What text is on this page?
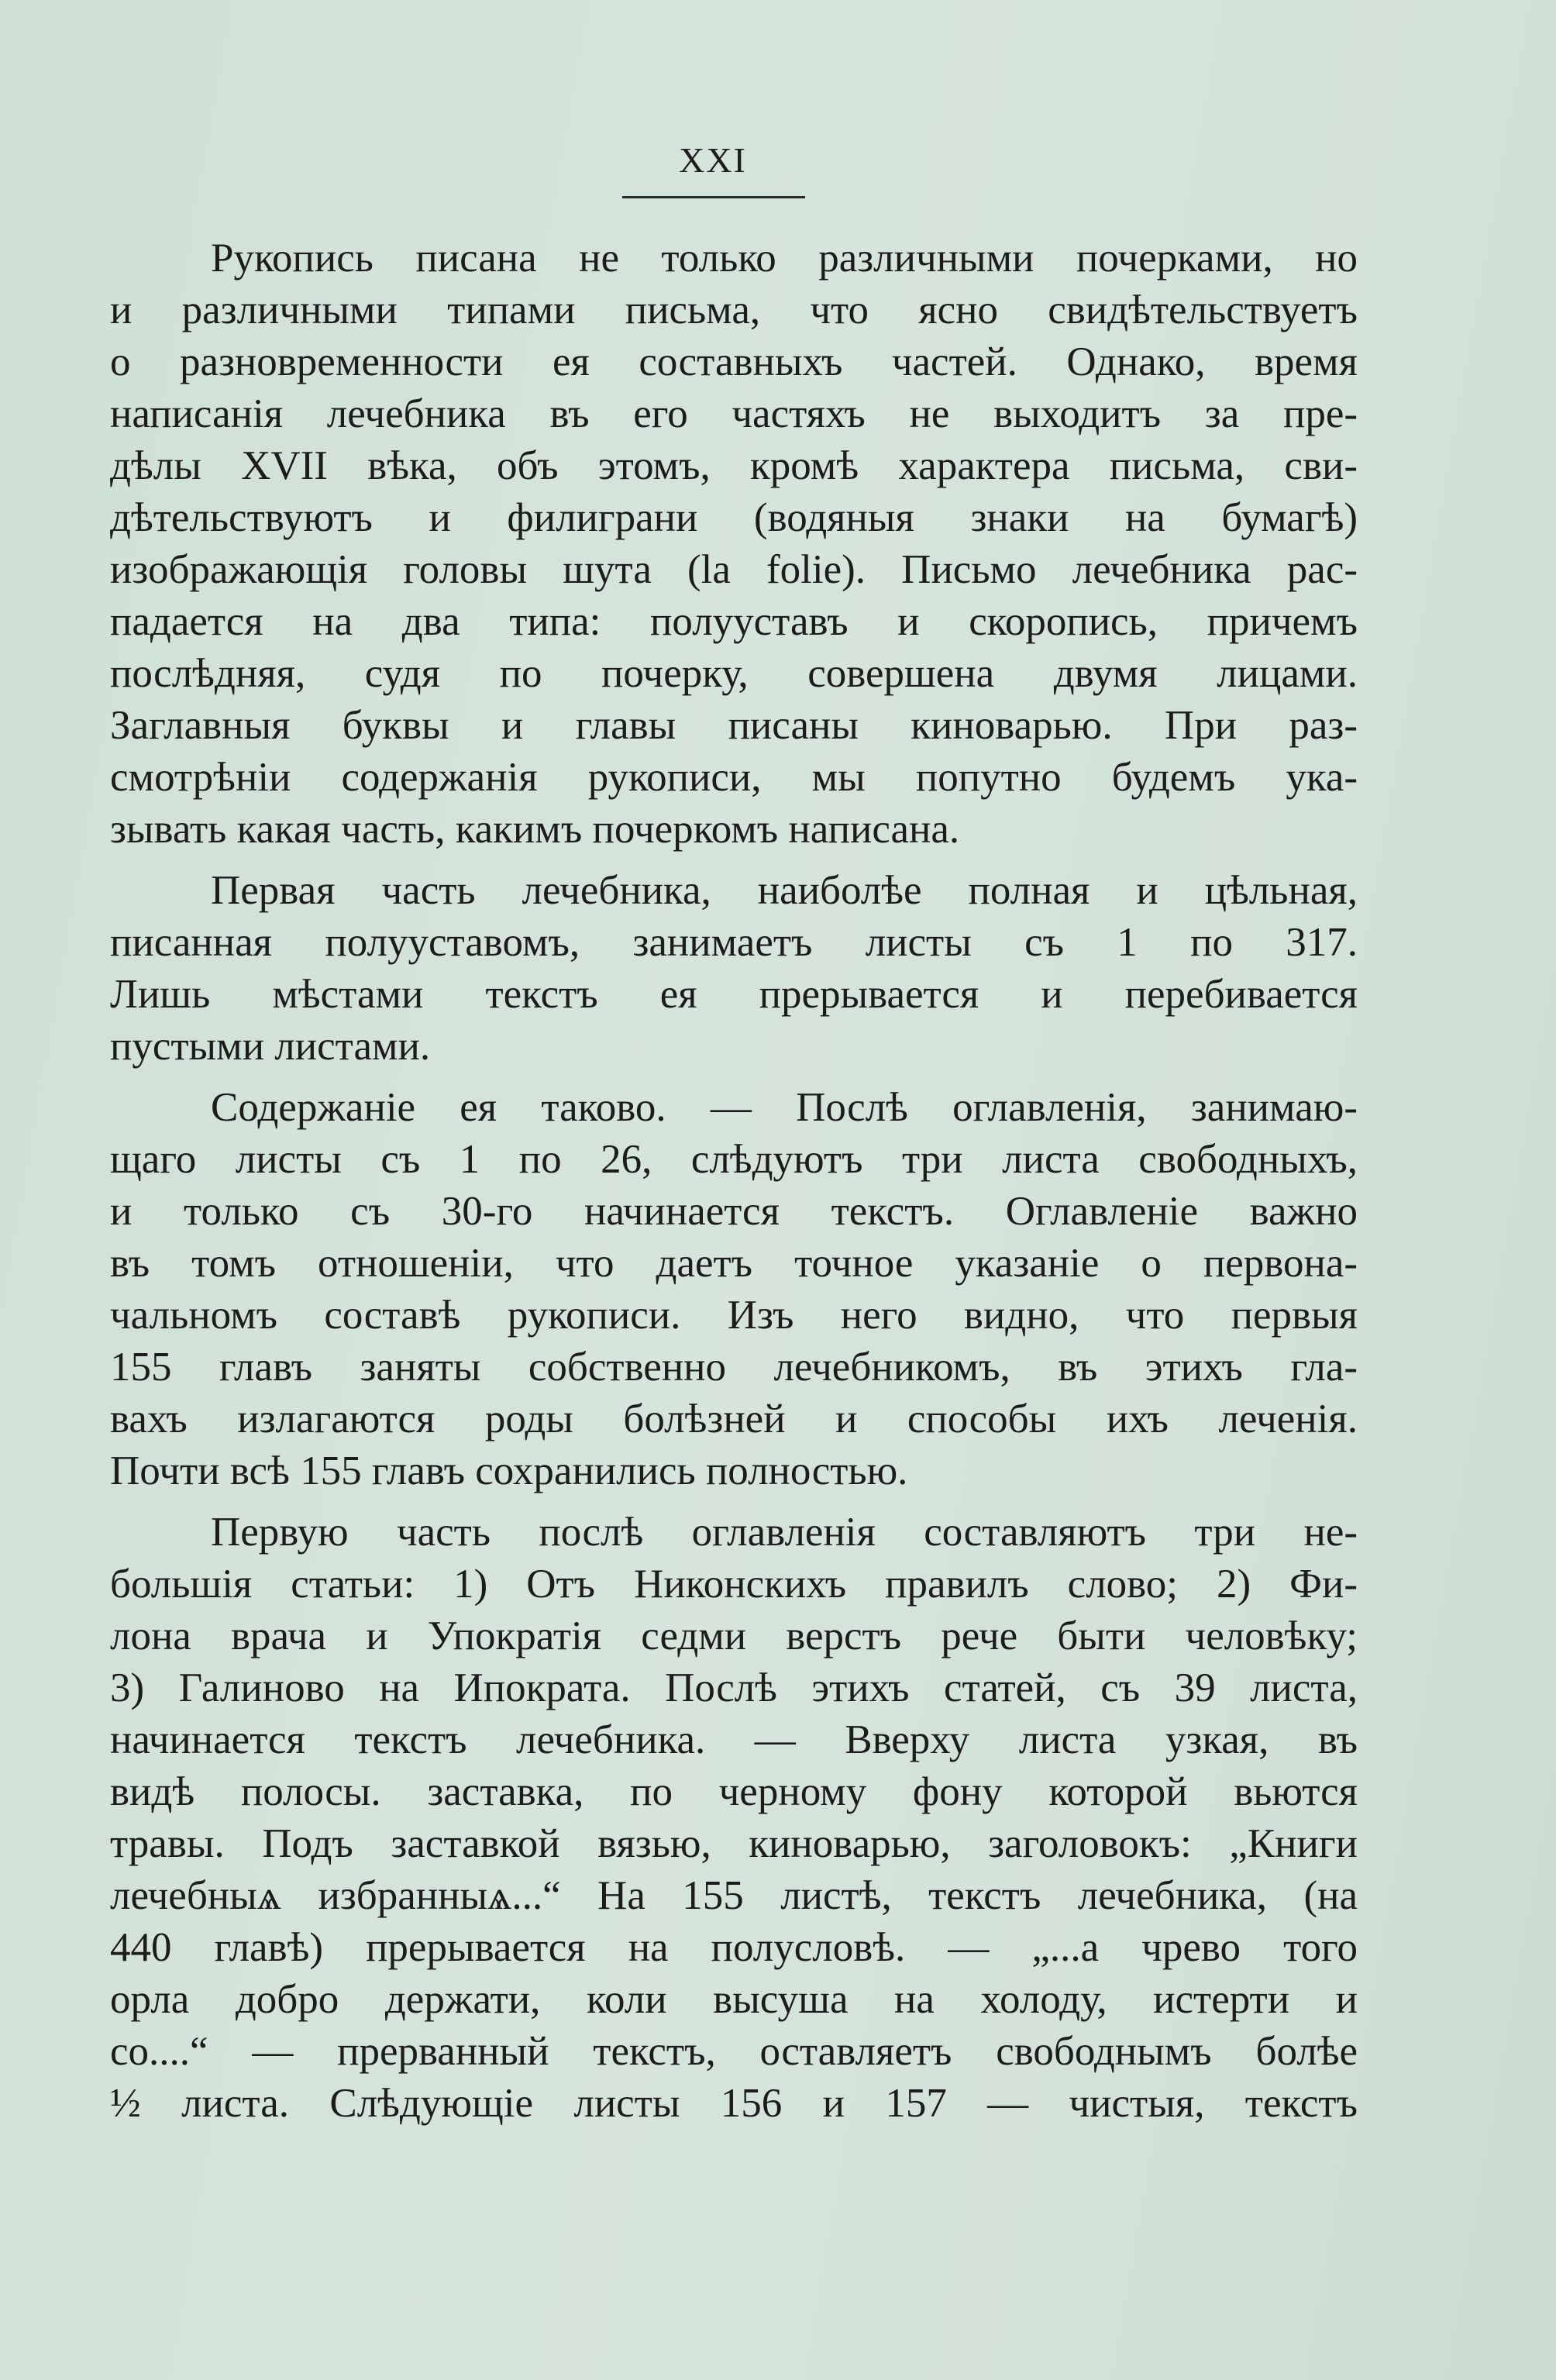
XXI
Рукопись писана не только различными почерками, но
и различными типами письма, что ясно свидѣтельствуетъ
о разновременности ея составныхъ частей. Однако, время
написанія лечебника въ его частяхъ не выходитъ за пре-
дѣлы XVII вѣка, объ этомъ, кромѣ характера письма, сви-
дѣтельствуютъ и филиграни (водяныя знаки на бумагѣ)
изображающія головы шута (la folie). Письмо лечебника рас-
падается на два типа: полууставъ и скоропись, причемъ
послѣдняя, судя по почерку, совершена двумя лицами.
Заглавныя буквы и главы писаны киноварью. При раз-
смотрѣніи содержанія рукописи, мы попутно будемъ ука-
зывать какая часть, какимъ почеркомъ написана.
Первая часть лечебника, наиболѣе полная и цѣльная,
писанная полууставомъ, занимаетъ листы съ 1 по 317.
Лишь мѣстами текстъ ея прерывается и перебивается
пустыми листами.
Содержаніе ея таково. — Послѣ оглавленія, занимаю-
щаго листы съ 1 по 26, слѣдуютъ три листа свободныхъ,
и только съ 30-го начинается текстъ. Оглавленіе важно
въ томъ отношеніи, что даетъ точное указаніе о первона-
чальномъ составѣ рукописи. Изъ него видно, что первыя
155 главъ заняты собственно лечебникомъ, въ этихъ гла-
вахъ излагаются роды болѣзней и способы ихъ леченія.
Почти всѣ 155 главъ сохранились полностью.
Первую часть послѣ оглавленія составляютъ три не-
большія статьи: 1) Отъ Никонскихъ правилъ слово; 2) Фи-
лона врача и Упократія седми верстъ рече быти человѣку;
3) Галиново на Ипократа. Послѣ этихъ статей, съ 39 листа,
начинается текстъ лечебника. — Вверху листа узкая, въ
видѣ полосы. заставка, по черному фону которой вьются
травы. Подъ заставкой вязью, киноварью, заголовокъ: „Книги
лечебныѧ избранныѧ...“ На 155 листѣ, текстъ лечебника, (на
440 главѣ) прерывается на полусловѣ. — „...а чрево того
орла добро держати, коли высуша на холоду, истерти и
со....“ — прерванный текстъ, оставляетъ свободнымъ болѣе
½ листа. Слѣдующіе листы 156 и 157 — чистыя, текстъ
